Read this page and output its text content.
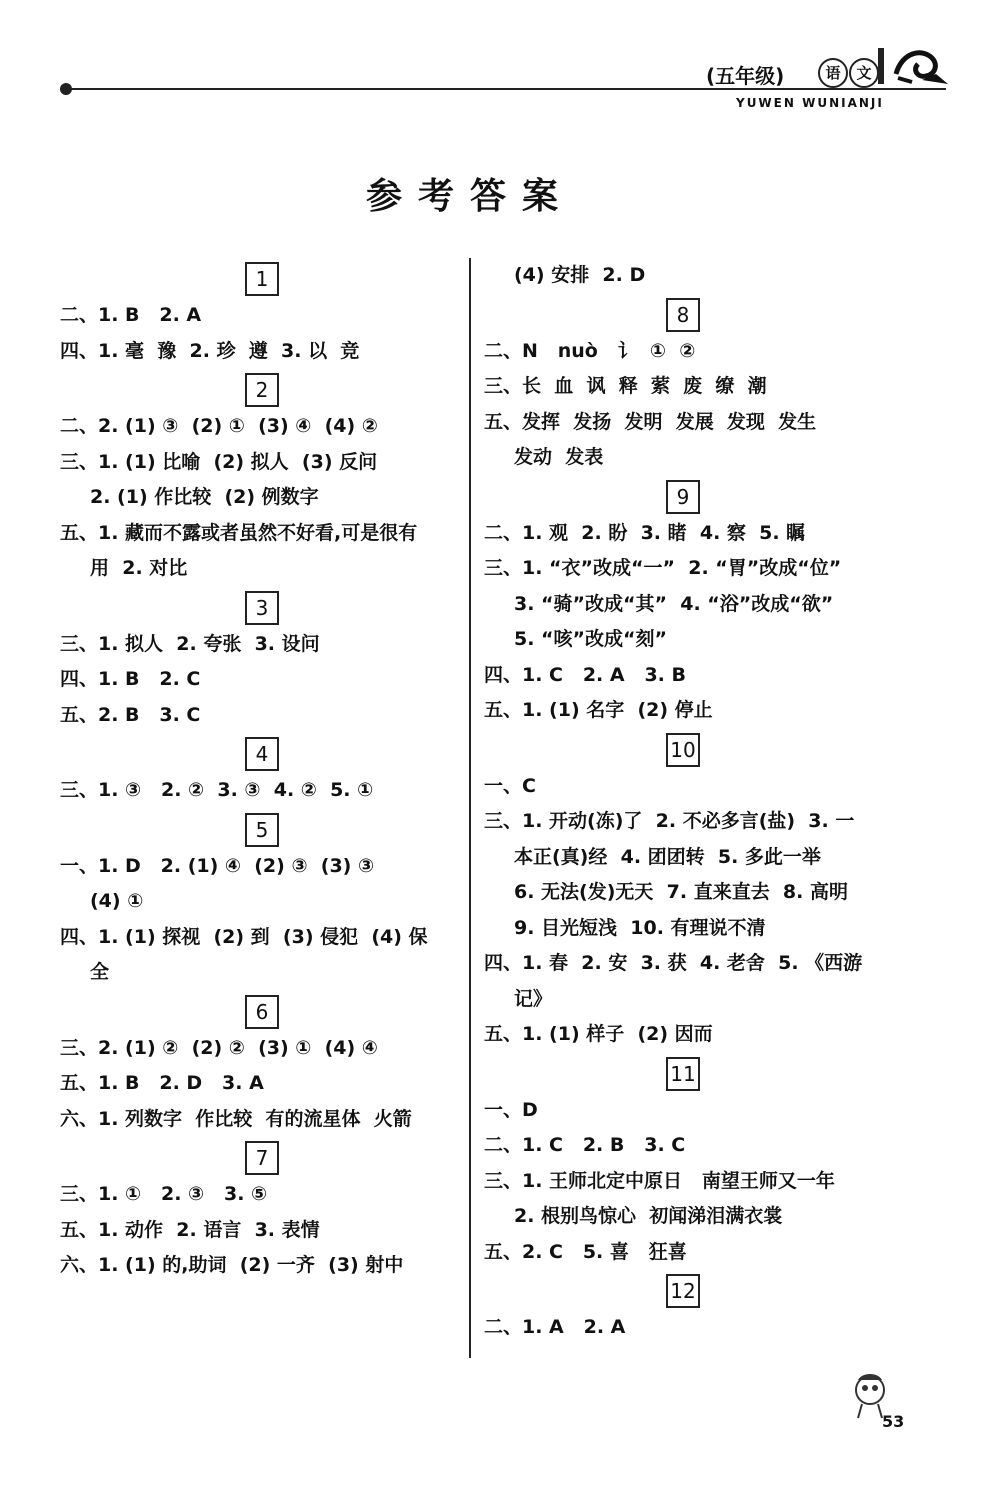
(五年级)	语 文
YUWEN WUNIANJI
参考答案
1
二、1. B   2. A
四、1. 毫  豫  2. 珍  遵  3. 以  竞
2
二、2. (1) ③  (2) ①  (3) ④  (4) ②
三、1. (1) 比喻  (2) 拟人  (3) 反问
2. (1) 作比较  (2) 例数字
五、1. 藏而不露或者虽然不好看,可是很有
用  2. 对比
3
三、1. 拟人  2. 夸张  3. 设问
四、1. B   2. C
五、2. B   3. C
4
三、1. ③   2. ②  3. ③  4. ②  5. ①
5
一、1. D   2. (1) ④  (2) ③  (3) ③
(4) ①
四、1. (1) 探视  (2) 到  (3) 侵犯  (4) 保
全
6
三、2. (1) ②  (2) ②  (3) ①  (4) ④
五、1. B   2. D   3. A
六、1. 列数字  作比较  有的流星体  火箭
7
三、1. ①   2. ③   3. ⑤
五、1. 动作  2. 语言  3. 表情
六、1. (1) 的,助词  (2) 一齐  (3) 射中
(4) 安排  2. D
8
二、N   nuò   讠  ①  ②
三、长  血  讽  释  萦  废  缭  潮
五、发挥  发扬  发明  发展  发现  发生
发动  发表
9
二、1. 观  2. 盼  3. 睹  4. 察  5. 瞩
三、1. “衣”改成“一”  2. “胃”改成“位”
3. “骑”改成“其”  4. “浴”改成“欲”
5. “咳”改成“刻”
四、1. C   2. A   3. B
五、1. (1) 名字  (2) 停止
10
一、C
三、1. 开动(冻)了  2. 不必多言(盐)  3. 一
本正(真)经  4. 团团转  5. 多此一举
6. 无法(发)无天  7. 直来直去  8. 高明
9. 目光短浅  10. 有理说不清
四、1. 春  2. 安  3. 获  4. 老舍  5. 《西游
记》
五、1. (1) 样子  (2) 因而
11
一、D
二、1. C   2. B   3. C
三、1. 王师北定中原日   南望王师又一年
2. 根别鸟惊心  初闻涕泪满衣裳
五、2. C   5. 喜   狂喜
12
二、1. A   2. A
53
